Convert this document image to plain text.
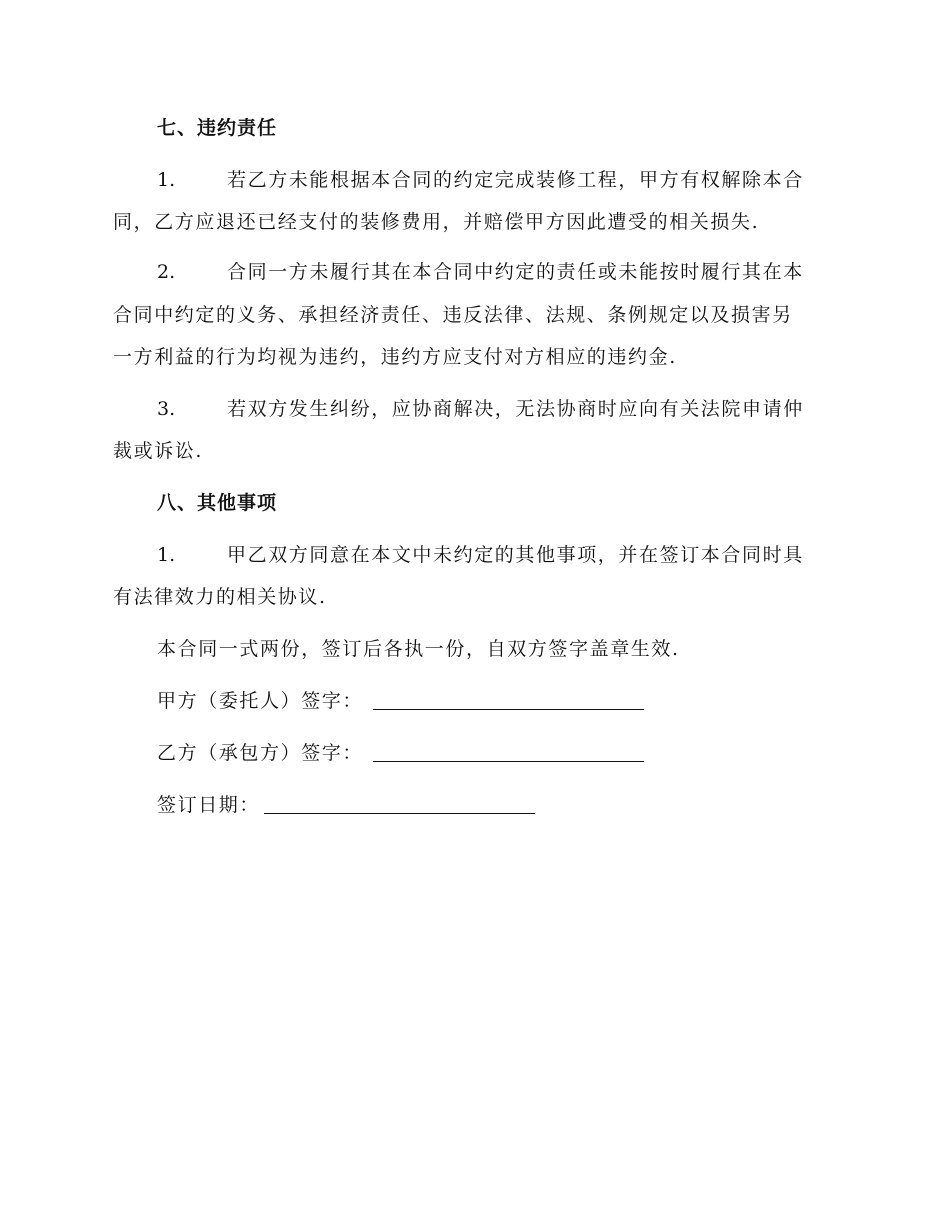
七、违约责任
1.	若乙方未能根据本合同的约定完成装修工程，甲方有权解除本合
同，乙方应退还已经支付的装修费用，并赔偿甲方因此遭受的相关损失.
2.	合同一方未履行其在本合同中约定的责任或未能按时履行其在本
合同中约定的义务、承担经济责任、违反法律、法规、条例规定以及损害另
一方利益的行为均视为违约，违约方应支付对方相应的违约金.
3.	若双方发生纠纷，应协商解决，无法协商时应向有关法院申请仲
裁或诉讼.
八、其他事项
1.	甲乙双方同意在本文中未约定的其他事项，并在签订本合同时具
有法律效力的相关协议.
本合同一式两份，签订后各执一份，自双方签字盖章生效.
甲方（委托人）签字：
乙方（承包方）签字：
签订日期：
